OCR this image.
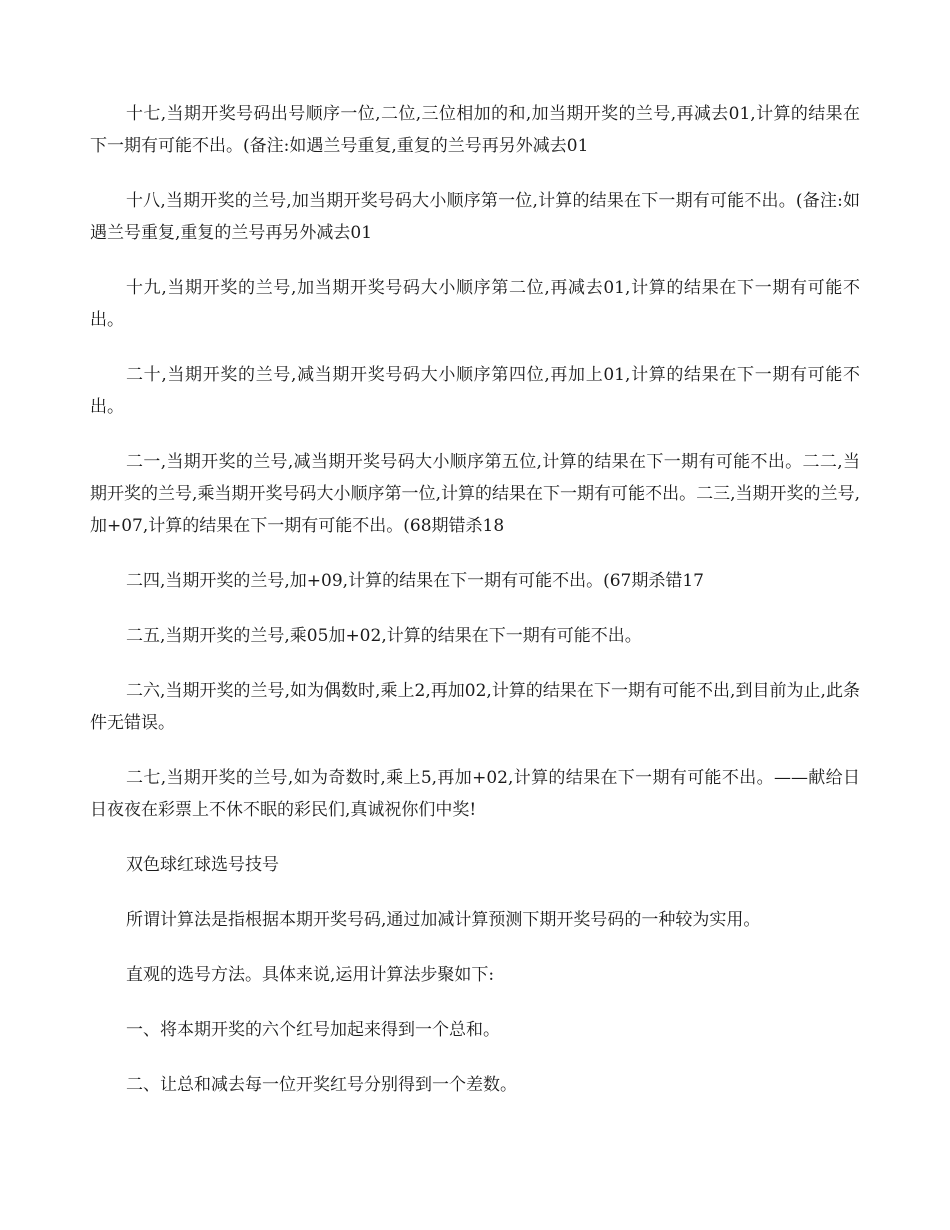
十七,当期开奖号码出号顺序一位,二位,三位相加的和,加当期开奖的兰号,再减去01,计算的结果在下一期有可能不出。(备注:如遇兰号重复,重复的兰号再另外减去01

十八,当期开奖的兰号,加当期开奖号码大小顺序第一位,计算的结果在下一期有可能不出。(备注:如遇兰号重复,重复的兰号再另外减去01

十九,当期开奖的兰号,加当期开奖号码大小顺序第二位,再减去01,计算的结果在下一期有可能不出。

二十,当期开奖的兰号,减当期开奖号码大小顺序第四位,再加上01,计算的结果在下一期有可能不出。

二一,当期开奖的兰号,减当期开奖号码大小顺序第五位,计算的结果在下一期有可能不出。二二,当期开奖的兰号,乘当期开奖号码大小顺序第一位,计算的结果在下一期有可能不出。二三,当期开奖的兰号,加+07,计算的结果在下一期有可能不出。(68期错杀18

二四,当期开奖的兰号,加+09,计算的结果在下一期有可能不出。(67期杀错17

二五,当期开奖的兰号,乘05加+02,计算的结果在下一期有可能不出。

二六,当期开奖的兰号,如为偶数时,乘上2,再加02,计算的结果在下一期有可能不出,到目前为止,此条件无错误。

二七,当期开奖的兰号,如为奇数时,乘上5,再加+02,计算的结果在下一期有可能不出。——献给日日夜夜在彩票上不休不眠的彩民们,真诚祝你们中奖!

双色球红球选号技号

所谓计算法是指根据本期开奖号码,通过加减计算预测下期开奖号码的一种较为实用。

直观的选号方法。具体来说,运用计算法步聚如下:

一、将本期开奖的六个红号加起来得到一个总和。

二、让总和减去每一位开奖红号分别得到一个差数。
